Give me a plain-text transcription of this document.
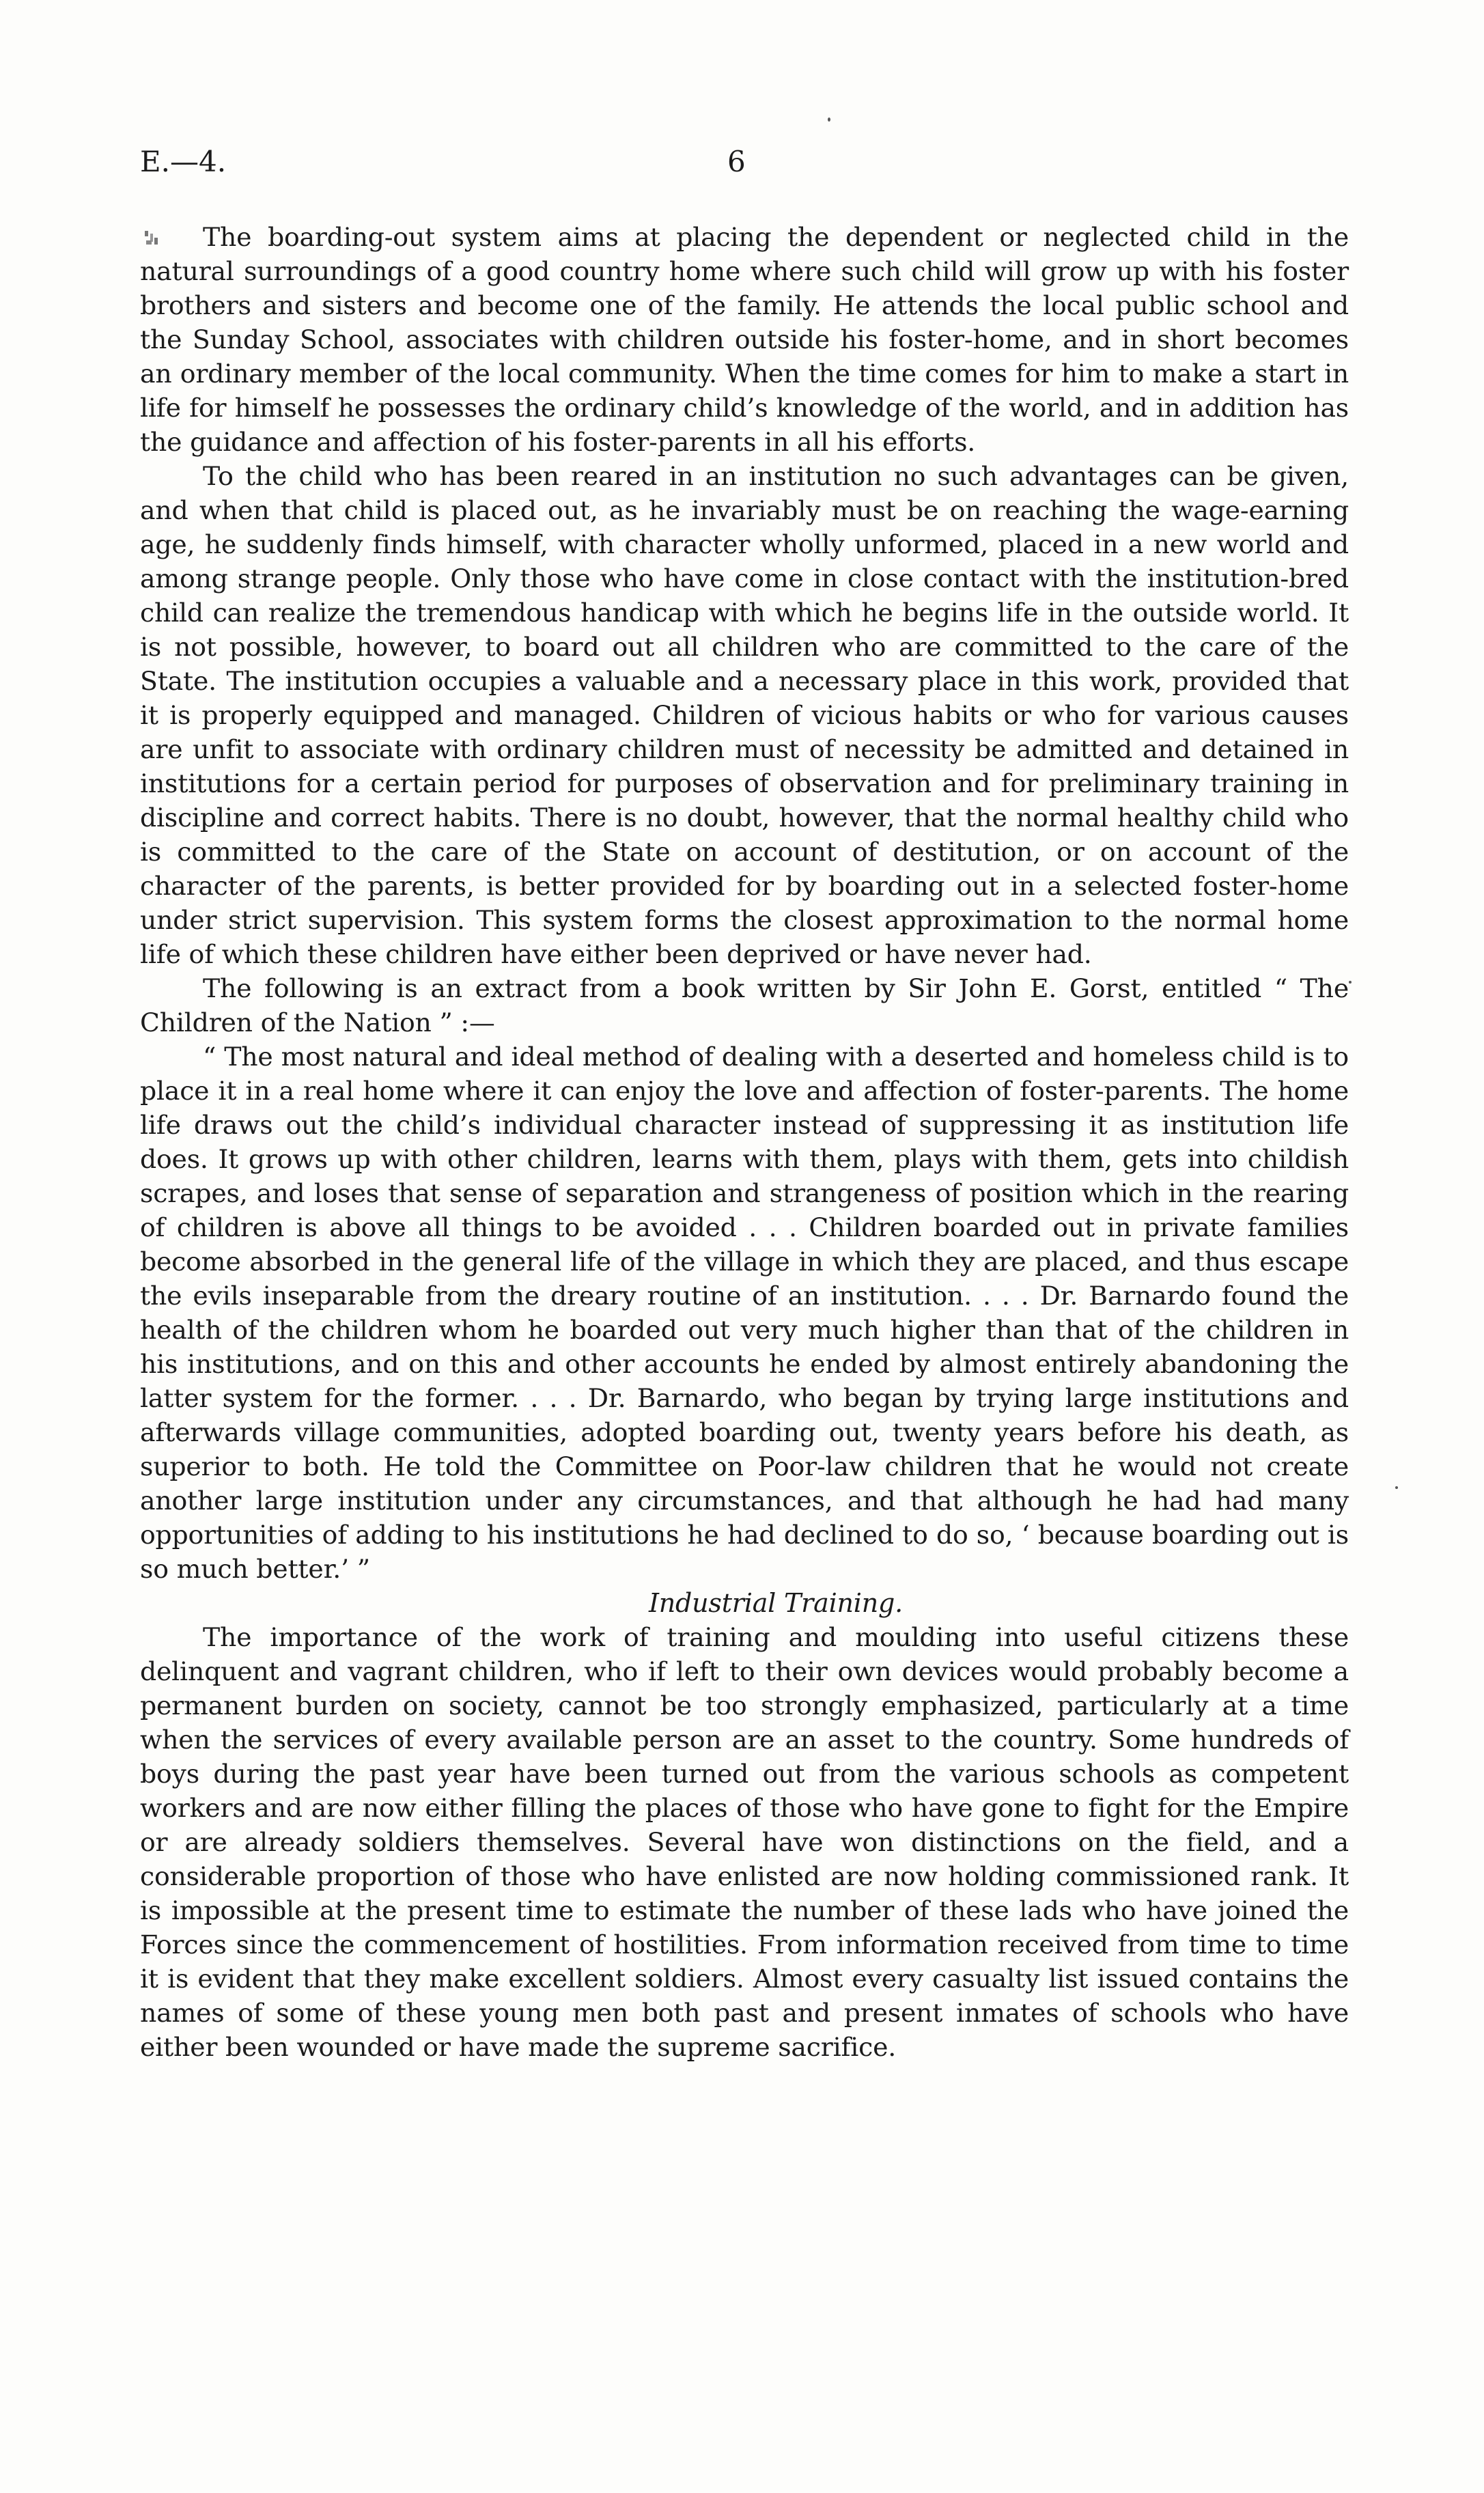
E.—4.	6

The boarding-out system aims at placing the dependent or neglected child in the natural surroundings of a good country home where such child will grow up with his foster brothers and sisters and become one of the family. He attends the local public school and the Sunday School, associates with children outside his foster-home, and in short becomes an ordinary member of the local community. When the time comes for him to make a start in life for himself he possesses the ordinary child’s knowledge of the world, and in addition has the guidance and affection of his foster-parents in all his efforts.

To the child who has been reared in an institution no such advantages can be given, and when that child is placed out, as he invariably must be on reaching the wage-earning age, he suddenly finds himself, with character wholly unformed, placed in a new world and among strange people. Only those who have come in close contact with the institution-bred child can realize the tremendous handicap with which he begins life in the outside world. It is not possible, however, to board out all children who are committed to the care of the State. The institution occupies a valuable and a necessary place in this work, provided that it is properly equipped and managed. Children of vicious habits or who for various causes are unfit to associate with ordinary children must of necessity be admitted and detained in institutions for a certain period for purposes of observation and for preliminary training in discipline and correct habits. There is no doubt, however, that the normal healthy child who is committed to the care of the State on account of destitution, or on account of the character of the parents, is better provided for by boarding out in a selected foster-home under strict supervision. This system forms the closest approximation to the normal home life of which these children have either been deprived or have never had.

The following is an extract from a book written by Sir John E. Gorst, entitled “ The Children of the Nation ” :—

“ The most natural and ideal method of dealing with a deserted and homeless child is to place it in a real home where it can enjoy the love and affection of foster-parents. The home life draws out the child’s individual character instead of suppressing it as institution life does. It grows up with other children, learns with them, plays with them, gets into childish scrapes, and loses that sense of separation and strangeness of position which in the rearing of children is above all things to be avoided . . . Children boarded out in private families become absorbed in the general life of the village in which they are placed, and thus escape the evils inseparable from the dreary routine of an institution. . . . Dr. Barnardo found the health of the children whom he boarded out very much higher than that of the children in his institutions, and on this and other accounts he ended by almost entirely abandoning the latter system for the former. . . . Dr. Barnardo, who began by trying large institutions and afterwards village communities, adopted boarding out, twenty years before his death, as superior to both. He told the Committee on Poor-law children that he would not create another large institution under any circumstances, and that although he had had many opportunities of adding to his institutions he had declined to do so, ‘ because boarding out is so much better.’ ”

Industrial Training.

The importance of the work of training and moulding into useful citizens these delinquent and vagrant children, who if left to their own devices would probably become a permanent burden on society, cannot be too strongly emphasized, particularly at a time when the services of every available person are an asset to the country. Some hundreds of boys during the past year have been turned out from the various schools as competent workers and are now either filling the places of those who have gone to fight for the Empire or are already soldiers themselves. Several have won distinctions on the field, and a considerable proportion of those who have enlisted are now holding commissioned rank. It is impossible at the present time to estimate the number of these lads who have joined the Forces since the commencement of hostilities. From information received from time to time it is evident that they make excellent soldiers. Almost every casualty list issued contains the names of some of these young men both past and present inmates of schools who have either been wounded or have made the supreme sacrifice.
